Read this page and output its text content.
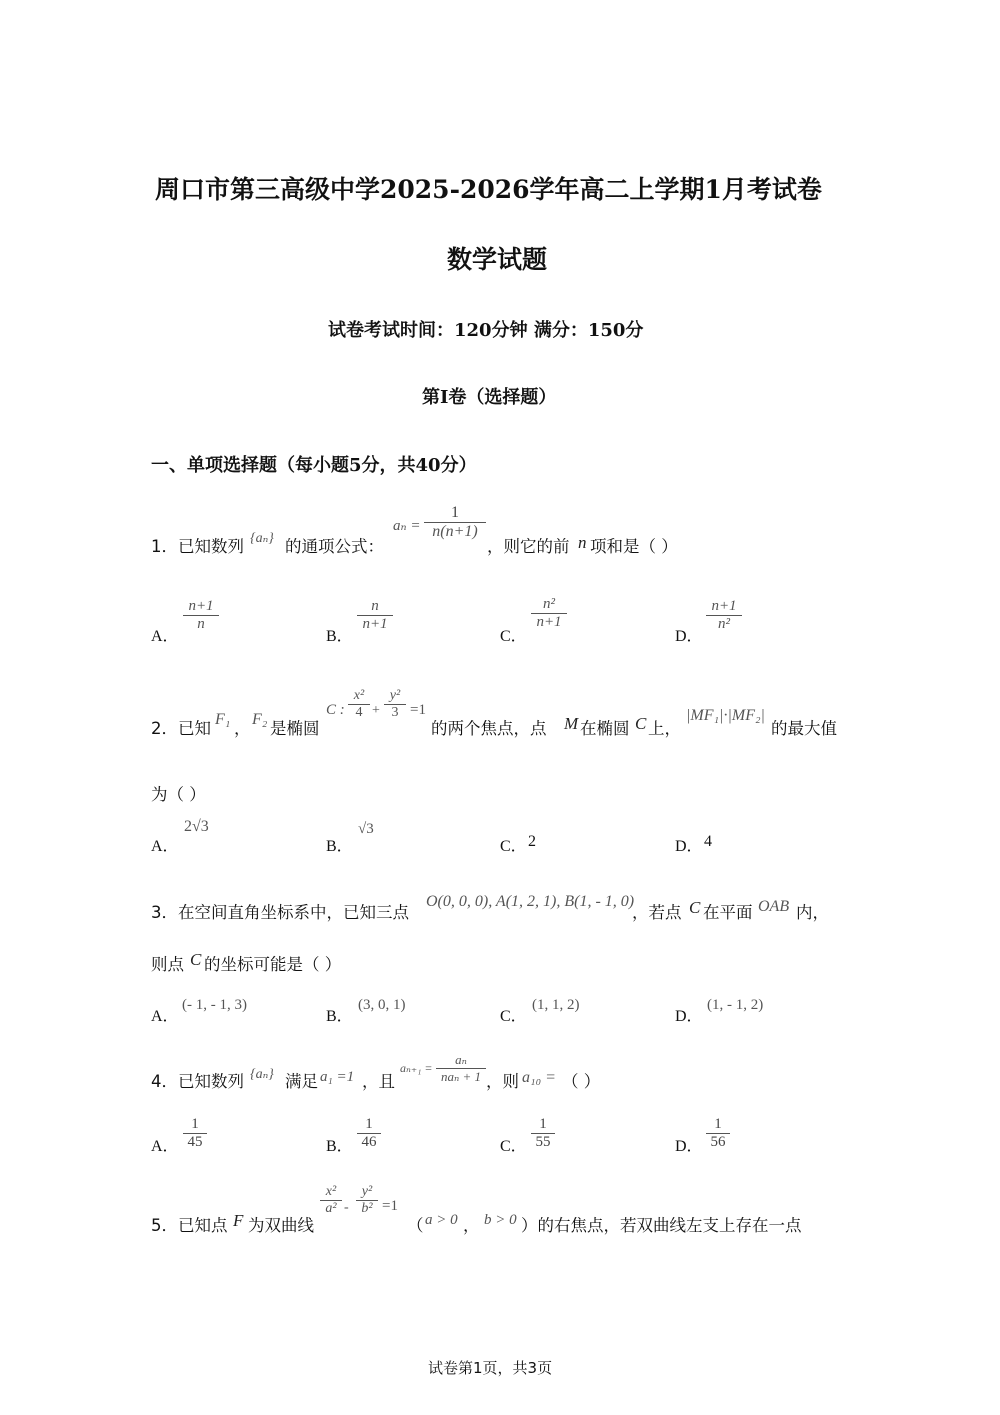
周口市第三高级中学2025-2026学年高二上学期1月考试卷
数学试题
试卷考试时间：120分钟 满分：150分
第I卷（选择题）
一、单项选择题（每小题5分，共40分）
1．已知数列 {aₙ} 的通项公式：
aₙ =
1
n(n+1)
，则它的前 n 项和是（ ）
A．
n+1
n
B．
n
n+1
C．
n²
n+1
D．
n+1
n²
2．已知 F₁ ， F₂ 是椭圆
C :
x²
4 +
y²
3 =1
的两个焦点，点 M 在椭圆 C 上，
|MF₁|·|MF₂|
的最大值
为（ ）
A．
2√3
B．
√3
C． 2	D． 4
3．在空间直角坐标系中，已知三点
O(0, 0, 0), A(1, 2, 1), B(1, - 1, 0)
，若点 C 在平面 OAB 内，
则点 C 的坐标可能是（ ）
A．
(- 1, - 1, 3)
B．
(3, 0, 1)
C．
(1, 1, 2)
D．
(1, - 1, 2)
4．已知数列 {aₙ} 满足 a₁ =1 ，且
aₙ₊₁ =
aₙ
naₙ + 1 ，则 a₁₀ = （ ）
A．
1
45	B．
1
46	C．
1
55	D．
1
56
5．已知点 F 为双曲线
x²
a² -
y²
b² =1
（ a > 0 ， b > 0 ）的右焦点，若双曲线左支上存在一点
试卷第1页，共3页
